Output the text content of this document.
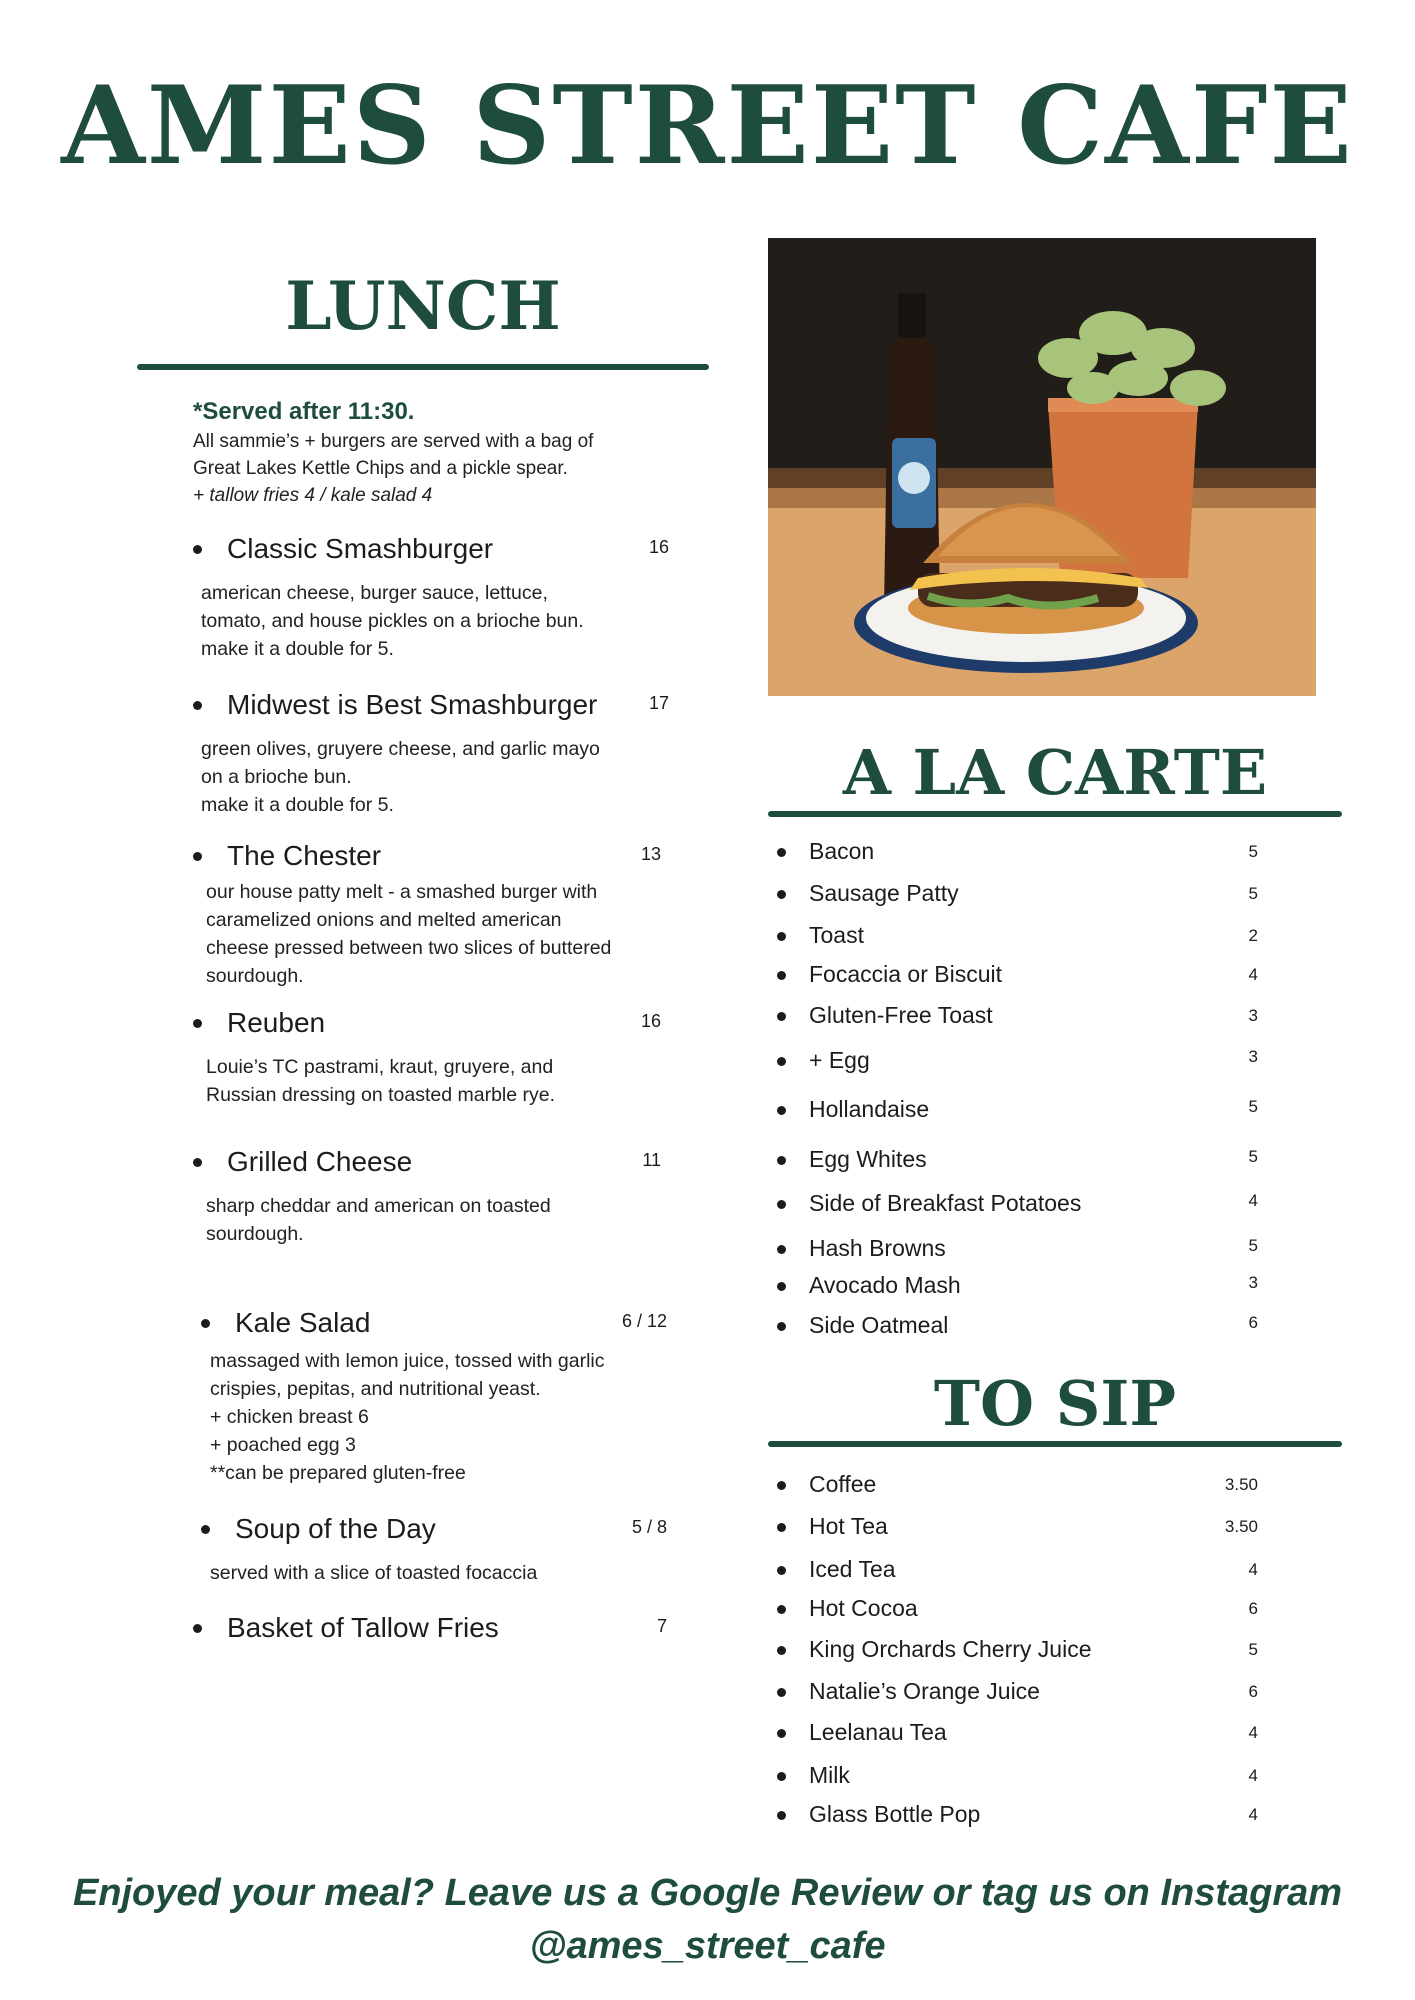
AMES STREET CAFE
LUNCH
*Served after 11:30.
All sammie’s + burgers are served with a bag of
Great Lakes Kettle Chips and a pickle spear.
+ tallow fries 4 / kale salad 4
Classic Smashburger	16
american cheese, burger sauce, lettuce,
tomato, and house pickles on a brioche bun.
make it a double for 5.
Midwest is Best Smashburger	17
green olives, gruyere cheese, and garlic mayo
on a brioche bun.
make it a double for 5.
The Chester	13
our house patty melt - a smashed burger with
caramelized onions and melted american
cheese pressed between two slices of buttered
sourdough.
Reuben	16
Louie’s TC pastrami, kraut, gruyere, and
Russian dressing on toasted marble rye.
Grilled Cheese	11
sharp cheddar and american on toasted
sourdough.
Kale Salad	6 / 12
massaged with lemon juice, tossed with garlic
crispies, pepitas, and nutritional yeast.
+ chicken breast 6
+ poached egg 3
**can be prepared gluten-free
Soup of the Day	5 / 8
served with a slice of toasted focaccia
Basket of Tallow Fries	7
A LA CARTE
Bacon	5
Sausage Patty	5
Toast	2
Focaccia or Biscuit	4
Gluten-Free Toast	3
+ Egg	3
Hollandaise	5
Egg Whites	5
Side of Breakfast Potatoes	4
Hash Browns	5
Avocado Mash	3
Side Oatmeal	6
TO SIP
Coffee	3.50
Hot Tea	3.50
Iced Tea	4
Hot Cocoa	6
King Orchards Cherry Juice	5
Natalie’s Orange Juice	6
Leelanau Tea	4
Milk	4
Glass Bottle Pop	4
Enjoyed your meal? Leave us a Google Review or tag us on Instagram
@ames_street_cafe
